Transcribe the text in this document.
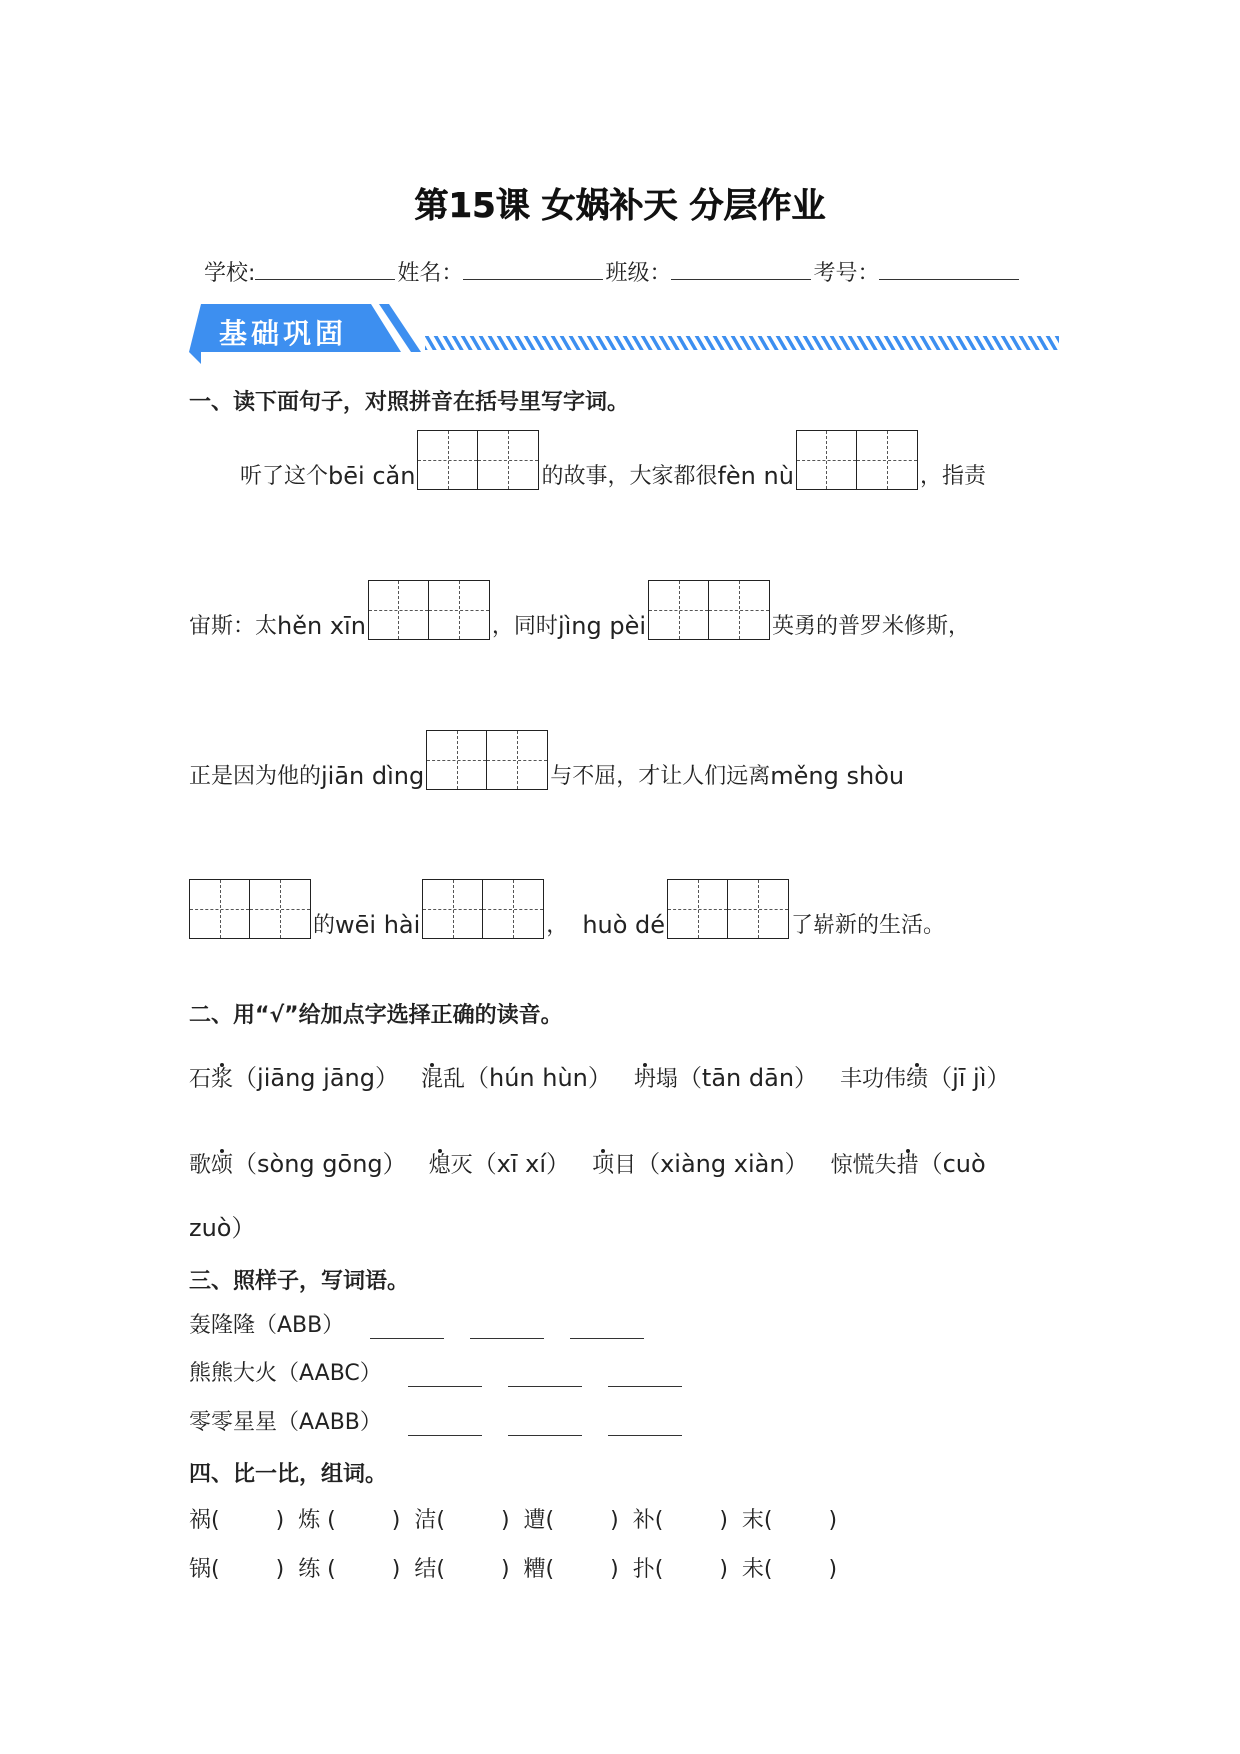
第15课 女娲补天 分层作业
学校:	姓名：	班级：	考号：
基础巩固
一、读下面句子，对照拼音在括号里写字词。
听了这个 bēi cǎn	的故事，大家都很 fèn nù	，指责
宙斯：太 hěn xīn	，同时 jìng pèi	英勇的普罗米修斯，
正是因为他的 jiān dìng	与不屈，才让人们远离 měng shòu
的 wēi hài	， huò dé	了崭新的生活。
二、用“√”给加点字选择正确的读音。
石浆（jiāng jāng） 混乱（hún hùn） 坍塌（tān dān） 丰功伟绩（jī jì）
歌颂（sòng gōng） 熄灭（xī xí） 项目（xiàng xiàn） 惊慌失措（cuò
zuò）
三、照样子，写词语。
轰隆隆（ABB）
熊熊大火（AABC）
零零星星（AABB）
四、比一比，组词。
祸(	) 炼 (	) 洁(	) 遭(	) 补(	) 末(	)
锅(	) 练 (	) 结(	) 糟(	) 扑(	) 未(	)
